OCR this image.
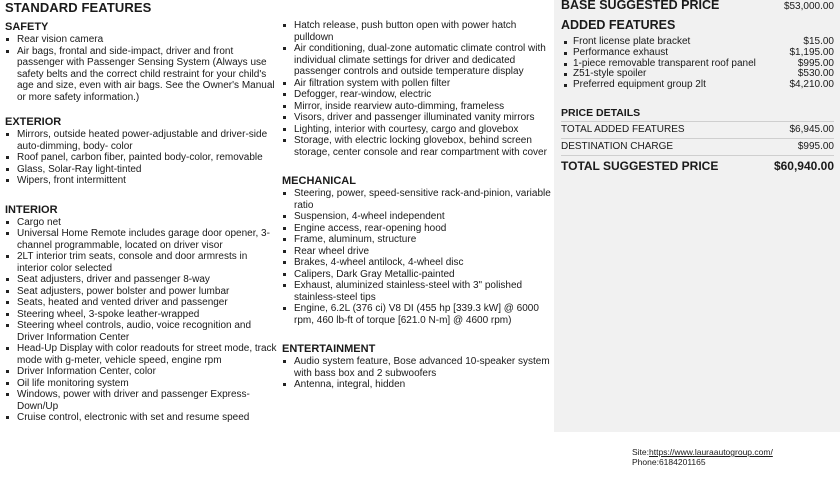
STANDARD FEATURES
SAFETY
Rear vision camera
Air bags, frontal and side-impact, driver and front passenger with Passenger Sensing System (Always use safety belts and the correct child restraint for your child's age and size, even with air bags. See the Owner's Manual or more safety information.)
EXTERIOR
Mirrors, outside heated power-adjustable and driver-side auto-dimming, body- color
Roof panel, carbon fiber, painted body-color, removable
Glass, Solar-Ray light-tinted
Wipers, front intermittent
INTERIOR
Cargo net
Universal Home Remote includes garage door opener, 3-channel programmable, located on driver visor
2LT interior trim seats, console and door armrests in interior color selected
Seat adjusters, driver and passenger 8-way
Seat adjusters, power bolster and power lumbar
Seats, heated and vented driver and passenger
Steering wheel, 3-spoke leather-wrapped
Steering wheel controls, audio, voice recognition and Driver Information Center
Head-Up Display with color readouts for street mode, track mode with g-meter, vehicle speed, engine rpm
Driver Information Center, color
Oil life monitoring system
Windows, power with driver and passenger Express-Down/Up
Cruise control, electronic with set and resume speed
Hatch release, push button open with power hatch pulldown
Air conditioning, dual-zone automatic climate control with individual climate settings for driver and dedicated passenger controls and outside temperature display
Air filtration system with pollen filter
Defogger, rear-window, electric
Mirror, inside rearview auto-dimming, frameless
Visors, driver and passenger illuminated vanity mirrors
Lighting, interior with courtesy, cargo and glovebox
Storage, with electric locking glovebox, behind screen storage, center console and rear compartment with cover
MECHANICAL
Steering, power, speed-sensitive rack-and-pinion, variable ratio
Suspension, 4-wheel independent
Engine access, rear-opening hood
Frame, aluminum, structure
Rear wheel drive
Brakes, 4-wheel antilock, 4-wheel disc
Calipers, Dark Gray Metallic-painted
Exhaust, aluminized stainless-steel with 3" polished stainless-steel tips
Engine, 6.2L (376 ci) V8 DI (455 hp [339.3 kW] @ 6000 rpm, 460 lb-ft of torque [621.0 N-m] @ 4600 rpm)
ENTERTAINMENT
Audio system feature, Bose advanced 10-speaker system with bass box and 2 subwoofers
Antenna, integral, hidden
BASE SUGGESTED PRICE	$53,000.00
ADDED FEATURES
Front license plate bracket	$15.00
Performance exhaust	$1,195.00
1-piece removable transparent roof panel	$995.00
Z51-style spoiler	$530.00
Preferred equipment group 2lt	$4,210.00
PRICE DETAILS
TOTAL ADDED FEATURES	$6,945.00
DESTINATION CHARGE	$995.00
TOTAL SUGGESTED PRICE	$60,940.00
Site:https://www.lauraautogroup.com/
Phone:6184201165
